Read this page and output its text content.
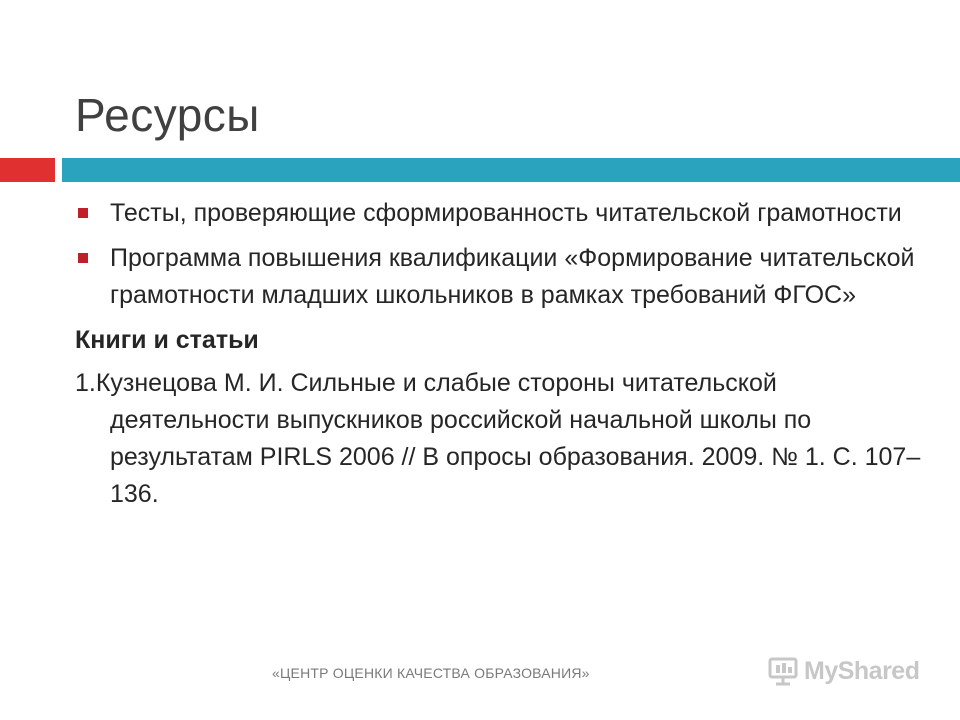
Ресурсы
Тесты, проверяющие сформированность читательской грамотности
Программа повышения квалификации «Формирование читательской грамотности младших школьников в рамках требований ФГОС»
Книги и статьи
1.Кузнецова М. И. Сильные и слабые стороны читательской деятельности выпускников российской начальной школы по результатам PIRLS 2006 // В опросы образования. 2009. № 1. С. 107–136.
«ЦЕНТР ОЦЕНКИ КАЧЕСТВА ОБРАЗОВАНИЯ»	MyShared
